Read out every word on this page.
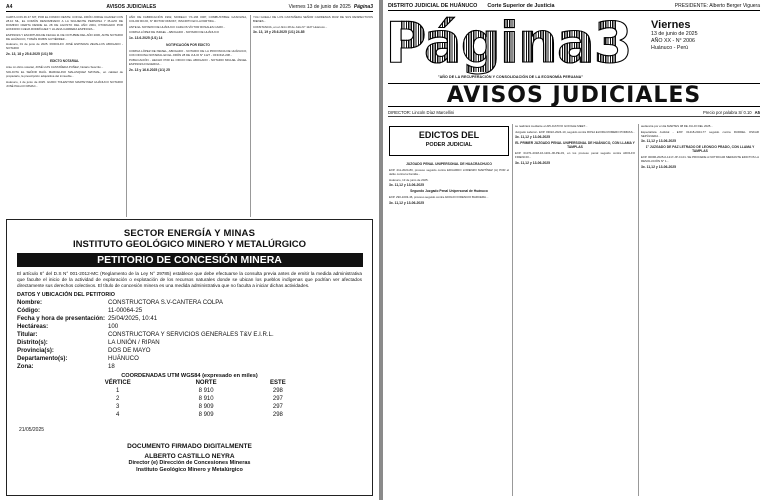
A4	AVISOS JUDICIALES	Viernes 13 de junio de 2025 Página3

CARTA CON 46 47 NIT, POR EL FONDO OESTE: CON EL JIRÓN JORGE CHAVEZ CON 28.10 ML, EL COMÚN DENOMINADO A LA SIGUIENTE PERSONA Y PLAZO DE DOMINIO CIERTA DESDE EL 28 DE AGOSTO DEL AÑO 2004, OTORGADO POR HONORIO CUEVA RODRÍGUEZ Y LILIANA CARRERA ESPINOZA...

ESPINOZA Y ESCRITURA DE FECHA 11 DE OCTUBRE DEL AÑO 2006, ANTE NOTARIO DE HUÁNUCO, TOMÁS RUBIN GUTIÉRREZ...

Huánuco, 01 de junio de 2025. RODOLFO JOSÉ ESPINOZA ZEVALLOS ABOGADO - NOTARIO

2x. 13, 18 y 25.6.2025 (1/1) 59

EDICTO NOTARIAL

Ante mi oficio notarial, JOSÉ LUIS CASTAÑEDA PUÑEZ, Notario Suscrito...

SOLICITA EL SEÑOR RAÚL MARCELINO MALASQUEZ MAYMAL, en calidad de propietario, la prescripción adquisitiva del inmueble...

Huánuco, 1 de junio de 2025. GUIDO TOLENTINO MARTEYNEZ HUÁNUCO NOTARIO JOSÉ PALLCO RIMAC...

AÑO DE FABRICACIÓN 1992, MODELO YK-166 KRP, COMBUSTIBLE GASOLINA, COLOR ROJO, N° MOTOR 0K6/0K7, INSCRITO EN LA PARTIDA...

ANTE EL NOTARIO DE HUÁNUCO CARLOS VÍCTOR ROSALES CARO...

CORINA LÓPEZ DE ISRAEL - ABOGADO - NOTARIO DE HUÁNUCO

1x. 13.6.2025 (1/1) 14

NOTIFICACIÓN POR EDICTO

CORINA LÓPEZ DE ISRAEL, ABOGADO - NOTARIO DE LA PROVINCIA DE HUÁNUCO, CON OFICINA NOTARIAL EN EL JIRÓN 28 DE JULIO N° 1127 - OFICINA 208...

PUBLICACIÓN - HECHO POR EL OFICIO DEL ABOGADO - NOTARIO MIGUEL ÁNGEL ESPINOZA FIGUEROA...

2x. 13 y 16.6.2025 (1/1) 25

YULI GUELLI DE LOS CASTAÑEDA SEÑOR CARDENAS RUIZ DE SUS RESPECTIVOS BIENES...

CONSTANCIA, en el Jirón 28 de Julio N° 1127 Huánuco...

3x. 13, 19 y 25.6.2025 (1/1) 24-85

SECTOR ENERGÍA Y MINAS
INSTITUTO GEOLÓGICO MINERO Y METALÚRGICO
PETITORIO DE CONCESIÓN MINERA
El artículo 6° del D.S N° 001-2012-MC (Reglamento de la Ley N° 29785) establece que debe efectuarse la consulta previa antes de emitir la medida administrativa que faculte el inicio de la actividad de exploración o explotación de los recursos naturales donde se ubican los pueblos indígenas que podrían ver afectados directamente sus derechos colectivos. El título de concesión minera es una medida administrativa que no faculta a iniciar dichas actividades.
DATOS Y UBICACIÓN DEL PETITORIO
Nombre:	CONSTRUCTORA S.V-CANTERA COLPA
Código:	11-00064-25
Fecha y hora de presentación: 25/04/2025, 10:41
Hectáreas:	100
Titular:	CONSTRUCTORA Y SERVICIOS GENERALES T&V E.I.R.L.
Distrito(s):	LA UNIÓN / RIPAN
Provincia(s):	DOS DE MAYO
Departamento(s):	HUÁNUCO
Zona:	18
COORDENADAS UTM WGS84 (expresado en miles)
VÉRTICE	NORTE	ESTE
1	8 910	298
2	8 910	297
3	8 909	297
4	8 909	298
21/05/2025
DOCUMENTO FIRMADO DIGITALMENTE
ALBERTO CASTILLO NEYRA
Director (e) Dirección de Concesiones Mineras
Instituto Geológico Minero y Metalúrgico
DISTRITO JUDICIAL DE HUÁNUCO Corte Superior de Justicia	PRESIDENTE: Alberto Berger Viguera
Página3
"AÑO DE LA RECUPERACIÓN Y CONSOLIDACIÓN DE LA ECONOMÍA PERUANA"
Viernes
13 de junio de 2025
AÑO XX - N° 2006
Huánuco - Perú
AVISOS JUDICIALES
DIRECTOR: Lincoln Díaz Marcellini	Precio por palabra S/ 0.10 A5
EDICTOS DEL
PODER JUDICIAL
JUZGADO PENAL UNIPERSONAL DE HUACRACHUCO

EXP. 211-2024-80, proceso seguido contra EDUARDO LORENZO MARTÍNEZ (A) POR el delito contra la Familia...

Huánuco, 13 de junio de 2025.

3x. 11,12 y 13-06-2025

Segundo Juzgado Penal Unipersonal de Huánuco

EXP. 290-1003-46, proceso seguido contra ADOLFO FIDENCIO BARCERA...

3x. 11,12 y 13-06-2025

se realizará mediante el APLICATIVO GOOGLE MEET...

Juzgado Laboral - EXP. 03022-2024-10, seguido contra ROSA ELVIRA ROMERO PORRAS...

3x. 11,12 y 13-06-2025

EL PRIMER JUZGADO PENAL UNIPERSONAL DE HUÁNUCO, CON LLAMA Y TAMPLAS

EXP. 01071-2018-16-1201-JR-PE-03, en los proceso penal seguido contra ADOLFO FIDENCIO...

3x. 11,12 y 13-06-2025

audiencia por el día MARTES 08 DE JULIO DEL 2025...

Especialista Judicial - EXP. 01418-2024-77 seguido contra RUDDEL OSKAR SEPÚLVEDA...

3x. 11,12 y 13-06-2025

1° JUZGADO DE PAZ LETRADO DE LEONCIO PRADO, CON LLAMA Y TAMPLAS

EXP. 00096-2025-0-1217-JP-CI-01. SE PROCEDE A NOTIFICAR MEDIANTE EDICTOS LA RESOLUCIÓN N° 1...

3x. 11,12 y 13-06-2025
